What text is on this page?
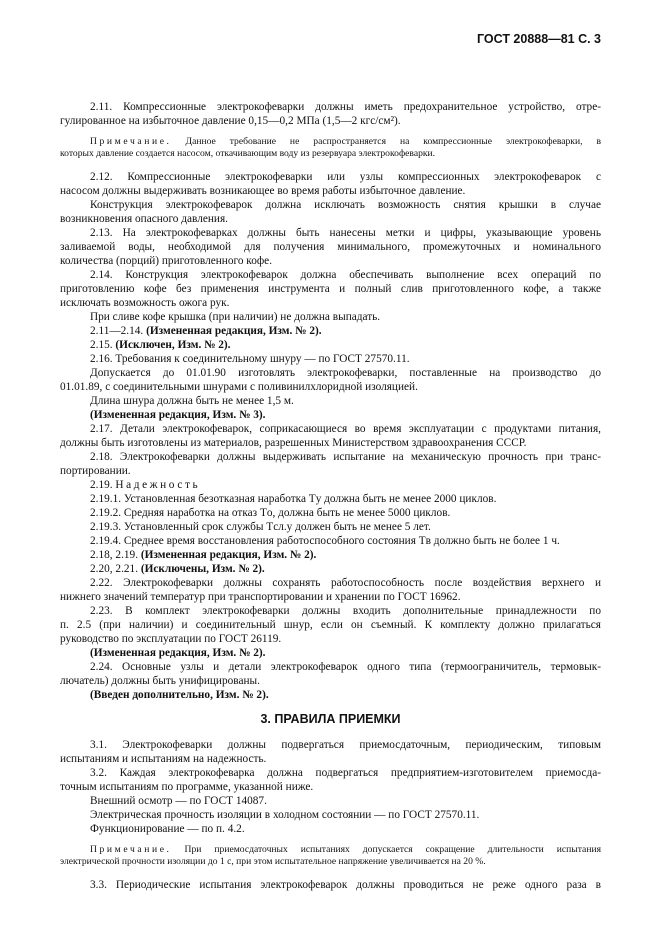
ГОСТ 20888—81 С. 3
2.11. Компрессионные электрокофеварки должны иметь предохранительное устройство, отре-
гулированное на избыточное давление 0,15—0,2 МПа (1,5—2 кгс/см²).
Примечание. Данное требование не распространяется на компрессионные электрокофеварки, в
которых давление создается насосом, откачивающим воду из резервуара электрокофеварки.
2.12. Компрессионные электрокофеварки или узлы компрессионных электрокофеварок с
насосом должны выдерживать возникающее во время работы избыточное давление.
Конструкция электрокофеварок должна исключать возможность снятия крышки в случае
возникновения опасного давления.
2.13. На электрокофеварках должны быть нанесены метки и цифры, указывающие уровень
заливаемой воды, необходимой для получения минимального, промежуточных и номинального
количества (порций) приготовленного кофе.
2.14. Конструкция электрокофеварок должна обеспечивать выполнение всех операций по
приготовлению кофе без применения инструмента и полный слив приготовленного кофе, а также
исключать возможность ожога рук.
При сливе кофе крышка (при наличии) не должна выпадать.
2.11—2.14. (Измененная редакция, Изм. № 2).
2.15. (Исключен, Изм. № 2).
2.16. Требования к соединительному шнуру — по ГОСТ 27570.11.
Допускается до 01.01.90 изготовлять электрокофеварки, поставленные на производство до
01.01.89, с соединительными шнурами с поливинилхлоридной изоляцией.
Длина шнура должна быть не менее 1,5 м.
(Измененная редакция, Изм. № 3).
2.17. Детали электрокофеварок, соприкасающиеся во время эксплуатации с продуктами питания,
должны быть изготовлены из материалов, разрешенных Министерством здравоохранения СССР.
2.18. Электрокофеварки должны выдерживать испытание на механическую прочность при транс-
портировании.
2.19. Надежность
2.19.1. Установленная безотказная наработка Tу должна быть не менее 2000 циклов.
2.19.2. Средняя наработка на отказ Tо, должна быть не менее 5000 циклов.
2.19.3. Установленный срок службы Tсл.у должен быть не менее 5 лет.
2.19.4. Среднее время восстановления работоспособного состояния Tв должно быть не более 1 ч.
2.18, 2.19. (Измененная редакция, Изм. № 2).
2.20, 2.21. (Исключены, Изм. № 2).
2.22. Электрокофеварки должны сохранять работоспособность после воздействия верхнего и
нижнего значений температур при транспортировании и хранении по ГОСТ 16962.
2.23. В комплект электрокофеварки должны входить дополнительные принадлежности по
п. 2.5 (при наличии) и соединительный шнур, если он съемный. К комплекту должно прилагаться
руководство по эксплуатации по ГОСТ 26119.
(Измененная редакция, Изм. № 2).
2.24. Основные узлы и детали электрокофеварок одного типа (термоограничитель, термовык-
лючатель) должны быть унифицированы.
(Введен дополнительно, Изм. № 2).
3. ПРАВИЛА ПРИЕМКИ
3.1. Электрокофеварки должны подвергаться приемосдаточным, периодическим, типовым
испытаниям и испытаниям на надежность.
3.2. Каждая электрокофеварка должна подвергаться предприятием-изготовителем приемосда-
точным испытаниям по программе, указанной ниже.
Внешний осмотр — по ГОСТ 14087.
Электрическая прочность изоляции в холодном состоянии — по ГОСТ 27570.11.
Функционирование — по п. 4.2.
Примечание. При приемосдаточных испытаниях допускается сокращение длительности испытания
электрической прочности изоляции до 1 с, при этом испытательное напряжение увеличивается на 20 %.
3.3. Периодические испытания электрокофеварок должны проводиться не реже одного раза в
